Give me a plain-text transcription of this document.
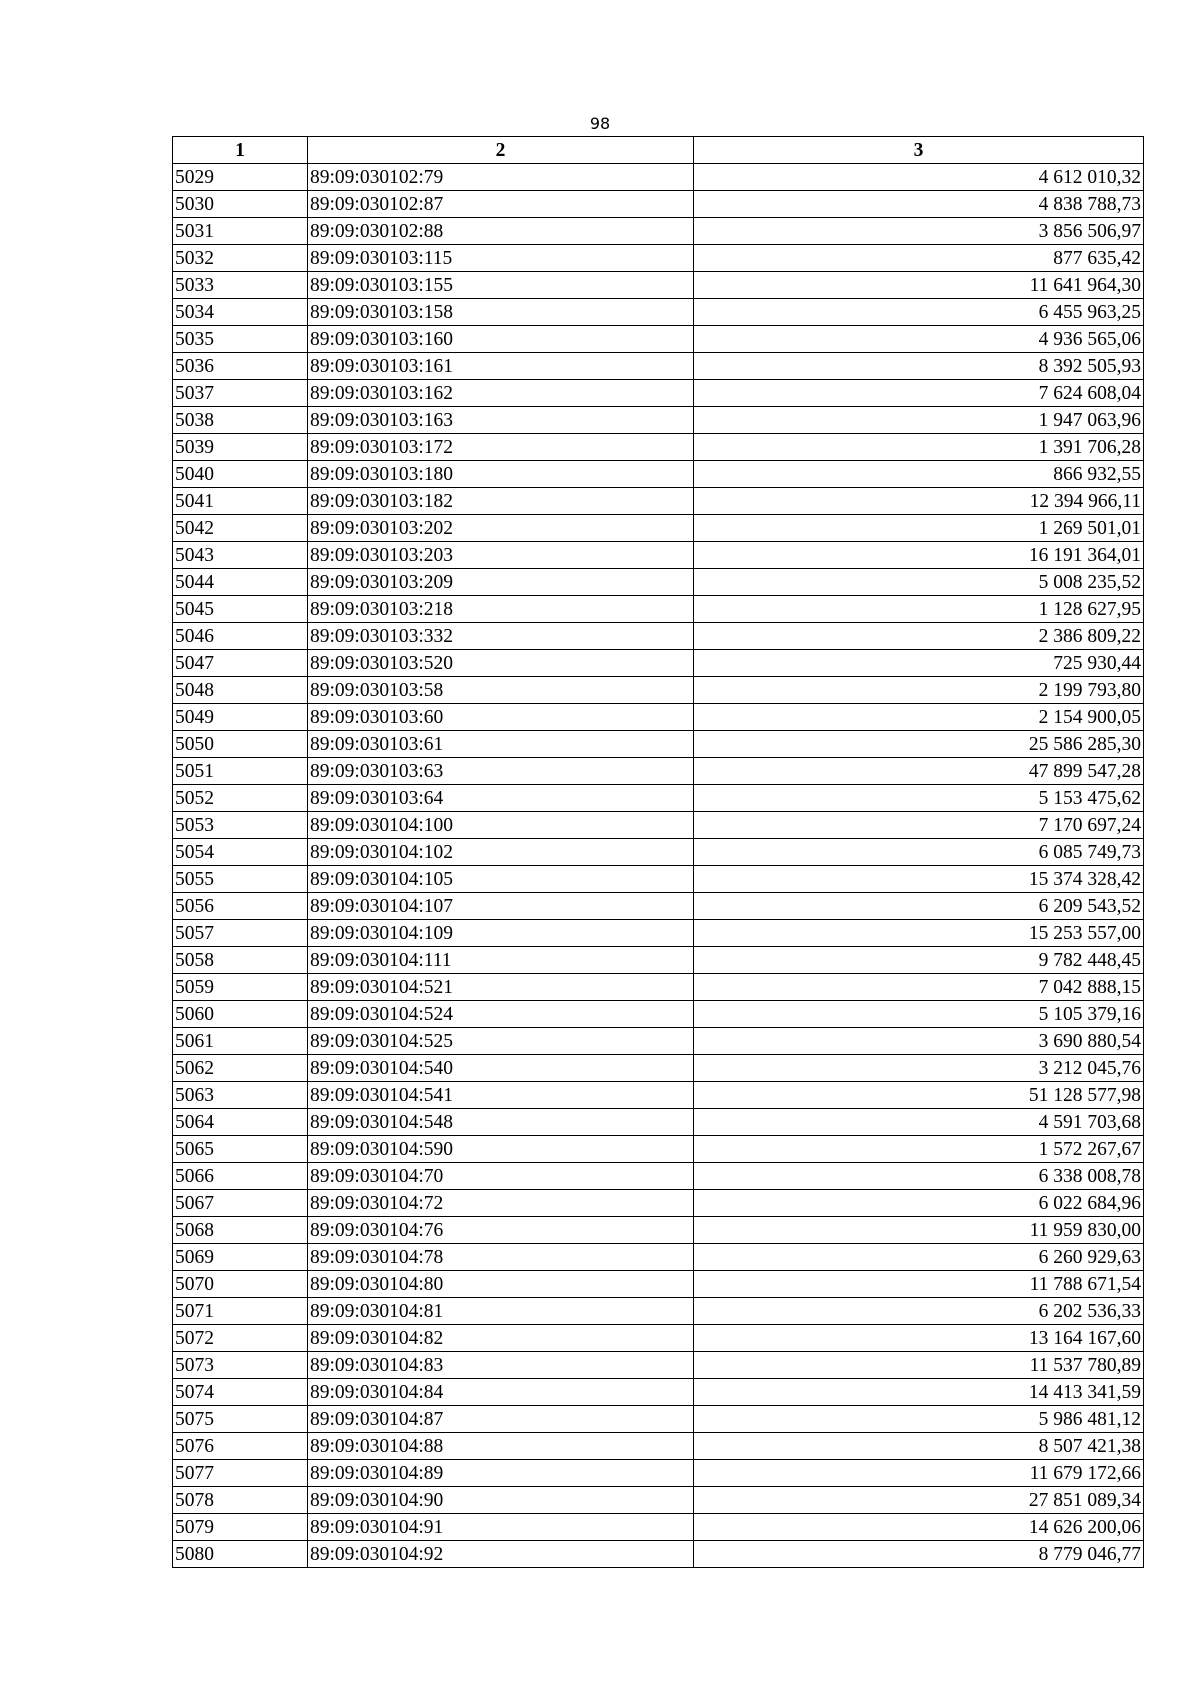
98
1	2	3
5029	89:09:030102:79	4 612 010,32
5030	89:09:030102:87	4 838 788,73
5031	89:09:030102:88	3 856 506,97
5032	89:09:030103:115	877 635,42
5033	89:09:030103:155	11 641 964,30
5034	89:09:030103:158	6 455 963,25
5035	89:09:030103:160	4 936 565,06
5036	89:09:030103:161	8 392 505,93
5037	89:09:030103:162	7 624 608,04
5038	89:09:030103:163	1 947 063,96
5039	89:09:030103:172	1 391 706,28
5040	89:09:030103:180	866 932,55
5041	89:09:030103:182	12 394 966,11
5042	89:09:030103:202	1 269 501,01
5043	89:09:030103:203	16 191 364,01
5044	89:09:030103:209	5 008 235,52
5045	89:09:030103:218	1 128 627,95
5046	89:09:030103:332	2 386 809,22
5047	89:09:030103:520	725 930,44
5048	89:09:030103:58	2 199 793,80
5049	89:09:030103:60	2 154 900,05
5050	89:09:030103:61	25 586 285,30
5051	89:09:030103:63	47 899 547,28
5052	89:09:030103:64	5 153 475,62
5053	89:09:030104:100	7 170 697,24
5054	89:09:030104:102	6 085 749,73
5055	89:09:030104:105	15 374 328,42
5056	89:09:030104:107	6 209 543,52
5057	89:09:030104:109	15 253 557,00
5058	89:09:030104:111	9 782 448,45
5059	89:09:030104:521	7 042 888,15
5060	89:09:030104:524	5 105 379,16
5061	89:09:030104:525	3 690 880,54
5062	89:09:030104:540	3 212 045,76
5063	89:09:030104:541	51 128 577,98
5064	89:09:030104:548	4 591 703,68
5065	89:09:030104:590	1 572 267,67
5066	89:09:030104:70	6 338 008,78
5067	89:09:030104:72	6 022 684,96
5068	89:09:030104:76	11 959 830,00
5069	89:09:030104:78	6 260 929,63
5070	89:09:030104:80	11 788 671,54
5071	89:09:030104:81	6 202 536,33
5072	89:09:030104:82	13 164 167,60
5073	89:09:030104:83	11 537 780,89
5074	89:09:030104:84	14 413 341,59
5075	89:09:030104:87	5 986 481,12
5076	89:09:030104:88	8 507 421,38
5077	89:09:030104:89	11 679 172,66
5078	89:09:030104:90	27 851 089,34
5079	89:09:030104:91	14 626 200,06
5080	89:09:030104:92	8 779 046,77
